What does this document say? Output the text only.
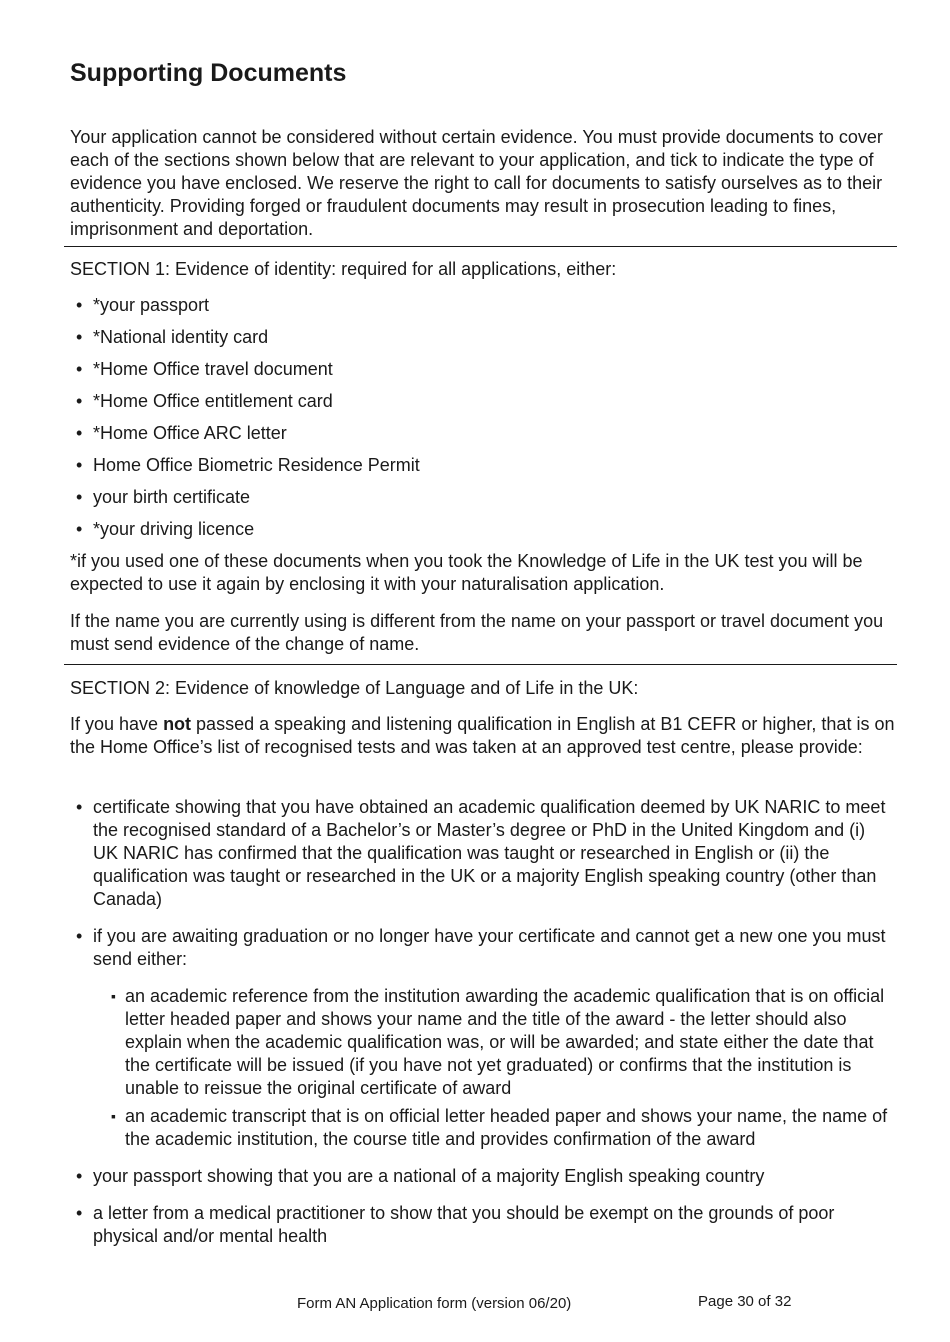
Supporting Documents

Your application cannot be considered without certain evidence. You must provide documents to cover each of the sections shown below that are relevant to your application, and tick to indicate the type of evidence you have enclosed. We reserve the right to call for documents to satisfy ourselves as to their authenticity. Providing forged or fraudulent documents may result in prosecution leading to fines, imprisonment and deportation.

SECTION 1: Evidence of identity: required for all applications, either:

• *your passport
• *National identity card
• *Home Office travel document
• *Home Office entitlement card
• *Home Office ARC letter
• Home Office Biometric Residence Permit
• your birth certificate
• *your driving licence

*if you used one of these documents when you took the Knowledge of Life in the UK test you will be expected to use it again by enclosing it with your naturalisation application.

If the name you are currently using is different from the name on your passport or travel document you must send evidence of the change of name.

SECTION 2: Evidence of knowledge of Language and of Life in the UK:

If you have not passed a speaking and listening qualification in English at B1 CEFR or higher, that is on the Home Office’s list of recognised tests and was taken at an approved test centre, please provide:

• certificate showing that you have obtained an academic qualification deemed by UK NARIC to meet the recognised standard of a Bachelor’s or Master’s degree or PhD in the United Kingdom and (i) UK NARIC has confirmed that the qualification was taught or researched in English or (ii) the qualification was taught or researched in the UK or a majority English speaking country (other than Canada)
• if you are awaiting graduation or no longer have your certificate and cannot get a new one you must send either:
▪ an academic reference from the institution awarding the academic qualification that is on official letter headed paper and shows your name and the title of the award - the letter should also explain when the academic qualification was, or will be awarded; and state either the date that the certificate will be issued (if you have not yet graduated) or confirms that the institution is unable to reissue the original certificate of award
▪ an academic transcript that is on official letter headed paper and shows your name, the name of the academic institution, the course title and provides confirmation of the award
• your passport showing that you are a national of a majority English speaking country
• a letter from a medical practitioner to show that you should be exempt on the grounds of poor physical and/or mental health

Form AN Application form (version 06/20)	Page 30 of 32
